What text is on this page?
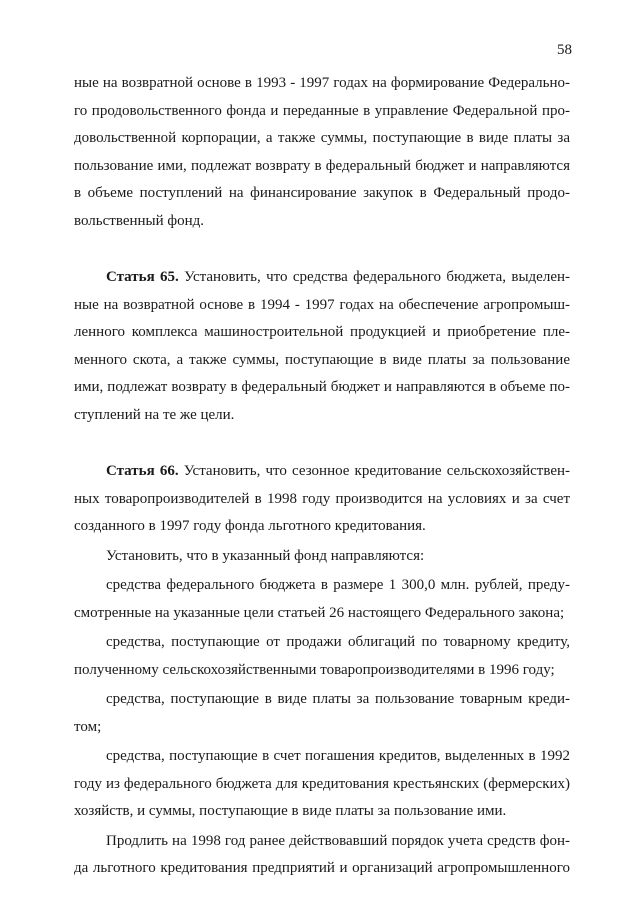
58
ные на возвратной основе в 1993 - 1997 годах на формирование Федерально-
го продовольственного фонда и переданные в управление Федеральной про-
довольственной корпорации, а также суммы, поступающие в виде платы за
пользование ими, подлежат возврату в федеральный бюджет и направляются
в объеме поступлений на финансирование закупок в Федеральный продо-
вольственный фонд.
Статья 65. Установить, что средства федерального бюджета, выделен-
ные на возвратной основе в 1994 - 1997 годах на обеспечение агропромыш-
ленного комплекса машиностроительной продукцией и приобретение пле-
менного скота, а также суммы, поступающие в виде платы за пользование
ими, подлежат возврату в федеральный бюджет и направляются в объеме по-
ступлений на те же цели.
Статья 66. Установить, что сезонное кредитование сельскохозяйствен-
ных товаропроизводителей в 1998 году производится на условиях и за счет
созданного в 1997 году фонда льготного кредитования.
Установить, что в указанный фонд направляются:
средства федерального бюджета в размере 1 300,0 млн. рублей, преду-
смотренные на указанные цели статьей 26 настоящего Федерального закона;
средства, поступающие от продажи облигаций по товарному кредиту,
полученному сельскохозяйственными товаропроизводителями в 1996 году;
средства, поступающие в виде платы за пользование товарным креди-
том;
средства, поступающие в счет погашения кредитов, выделенных в 1992
году из федерального бюджета для кредитования крестьянских (фермерских)
хозяйств, и суммы, поступающие в виде платы за пользование ими.
Продлить на 1998 год ранее действовавший порядок учета средств фон-
да льготного кредитования предприятий и организаций агропромышленного
